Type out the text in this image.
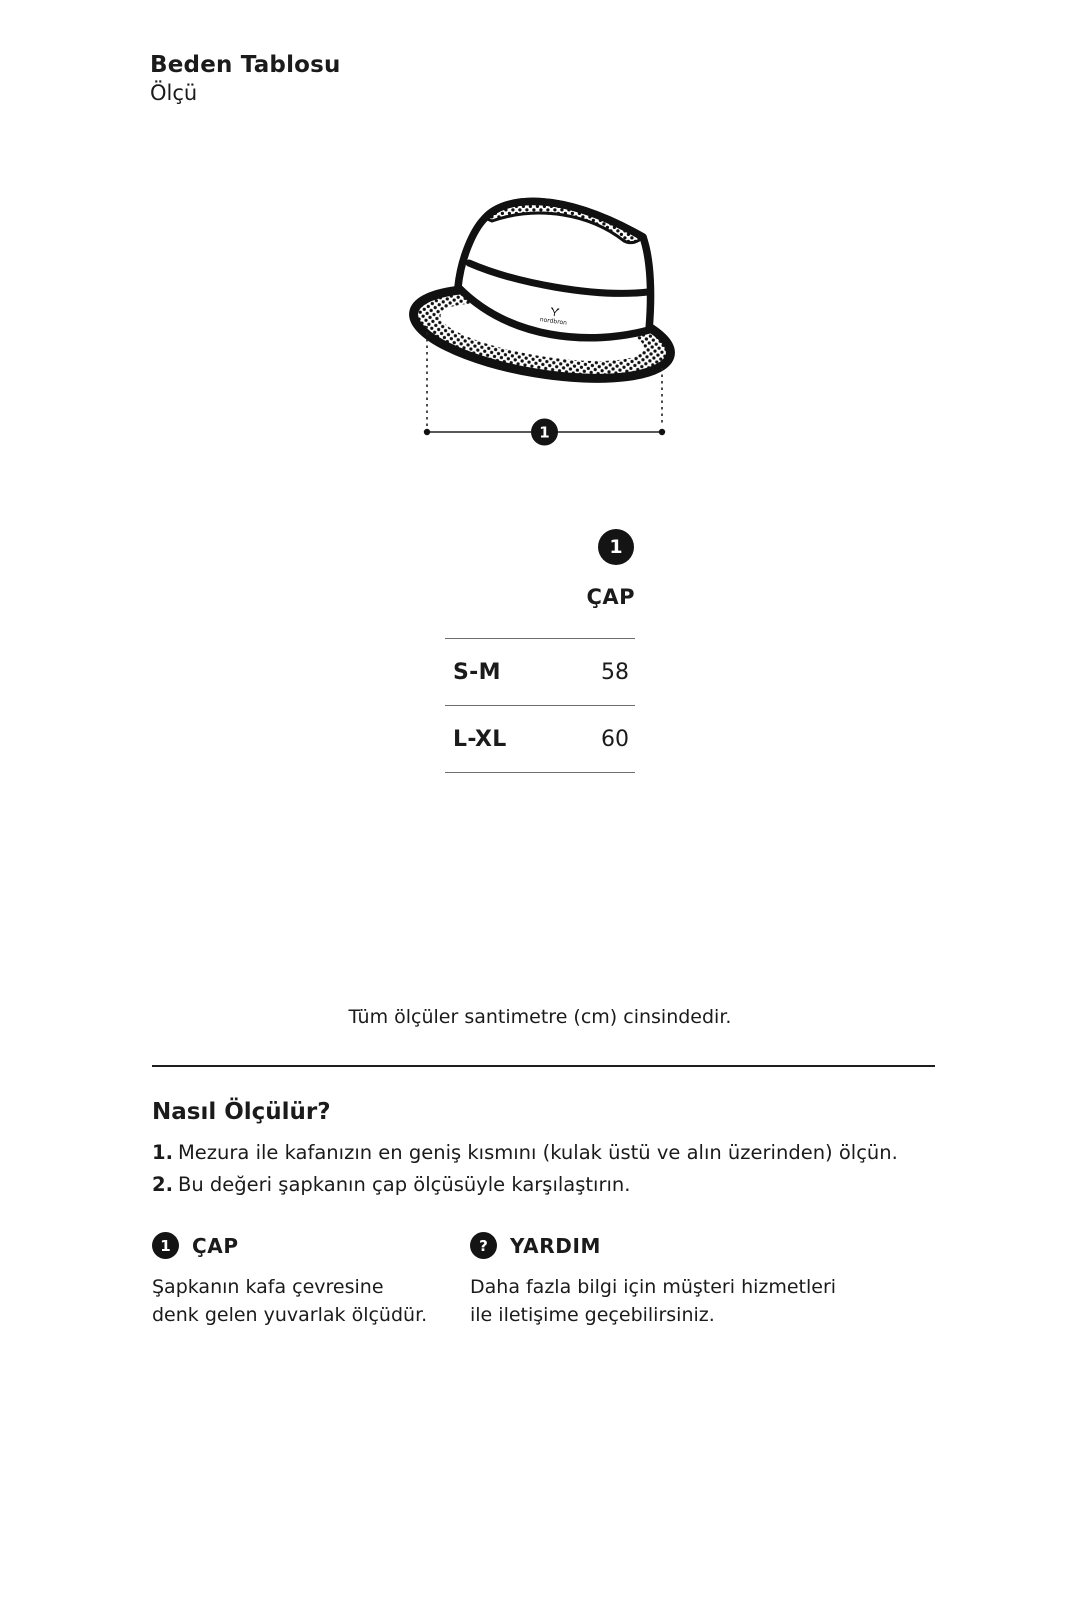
Beden Tablosu
Ölçü
nordbron
1
1
ÇAP
S-M	58
L-XL	60
Tüm ölçüler santimetre (cm) cinsindedir.
Nasıl Ölçülür?
1. Mezura ile kafanızın en geniş kısmını (kulak üstü ve alın üzerinden) ölçün.
2. Bu değeri şapkanın çap ölçüsüyle karşılaştırın.
1	ÇAP
Şapkanın kafa çevresine
denk gelen yuvarlak ölçüdür.
?	YARDIM
Daha fazla bilgi için müşteri hizmetleri
ile iletişime geçebilirsiniz.
